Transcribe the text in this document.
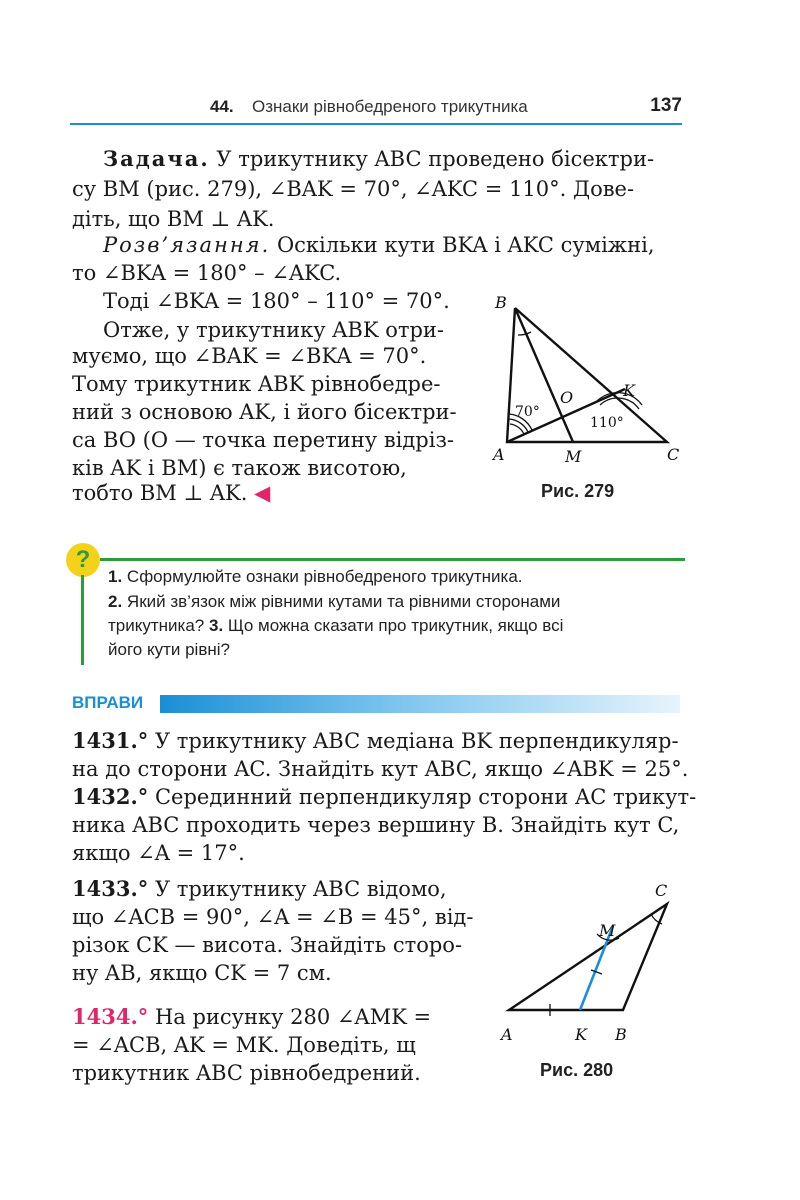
44. Ознаки рівнобедреного трикутника	137
Задача. У трикутнику ABC проведено бісектри-
су BM (рис. 279), ∠BAK = 70°, ∠AKC = 110°. Дове-
діть, що BM ⊥ AK.
Розв’язання. Оскільки кути BKA і AKC суміжні,
то ∠BKA = 180° – ∠AKC.
Тоді ∠BKA = 180° – 110° = 70°.
Отже, у трикутнику ABK отри-
муємо, що ∠BAK = ∠BKA = 70°.
Тому трикутник ABK рівнобедре-
ний з основою AK, і його бісектри-
са BO (O — точка перетину відріз-
ків AK і BM) є також висотою,
тобто BM ⊥ AK. ◀
B
A	M	C
O	K
70°
110°
Рис. 279
?
1. Сформулюйте ознаки рівнобедреного трикутника.
2. Який зв’язок між рівними кутами та рівними сторонами
трикутника? 3. Що можна сказати про трикутник, якщо всі
його кути рівні?
ВПРАВИ
1431.° У трикутнику ABC медіана BK перпендикуляр-
на до сторони AC. Знайдіть кут ABC, якщо ∠ABK = 25°.
1432.° Серединний перпендикуляр сторони AC трикут-
ника ABC проходить через вершину B. Знайдіть кут C,
якщо ∠A = 17°.
1433.° У трикутнику ABC відомо,
що ∠ACB = 90°, ∠A = ∠B = 45°, від-
різок CK — висота. Знайдіть сторо-
ну AB, якщо CK = 7 см.
1434.° На рисунку 280 ∠AMK =
= ∠ACB, AK = MK. Доведіть, щ
трикутник ABC рівнобедрений.
C
M
A	K B
Рис. 280
